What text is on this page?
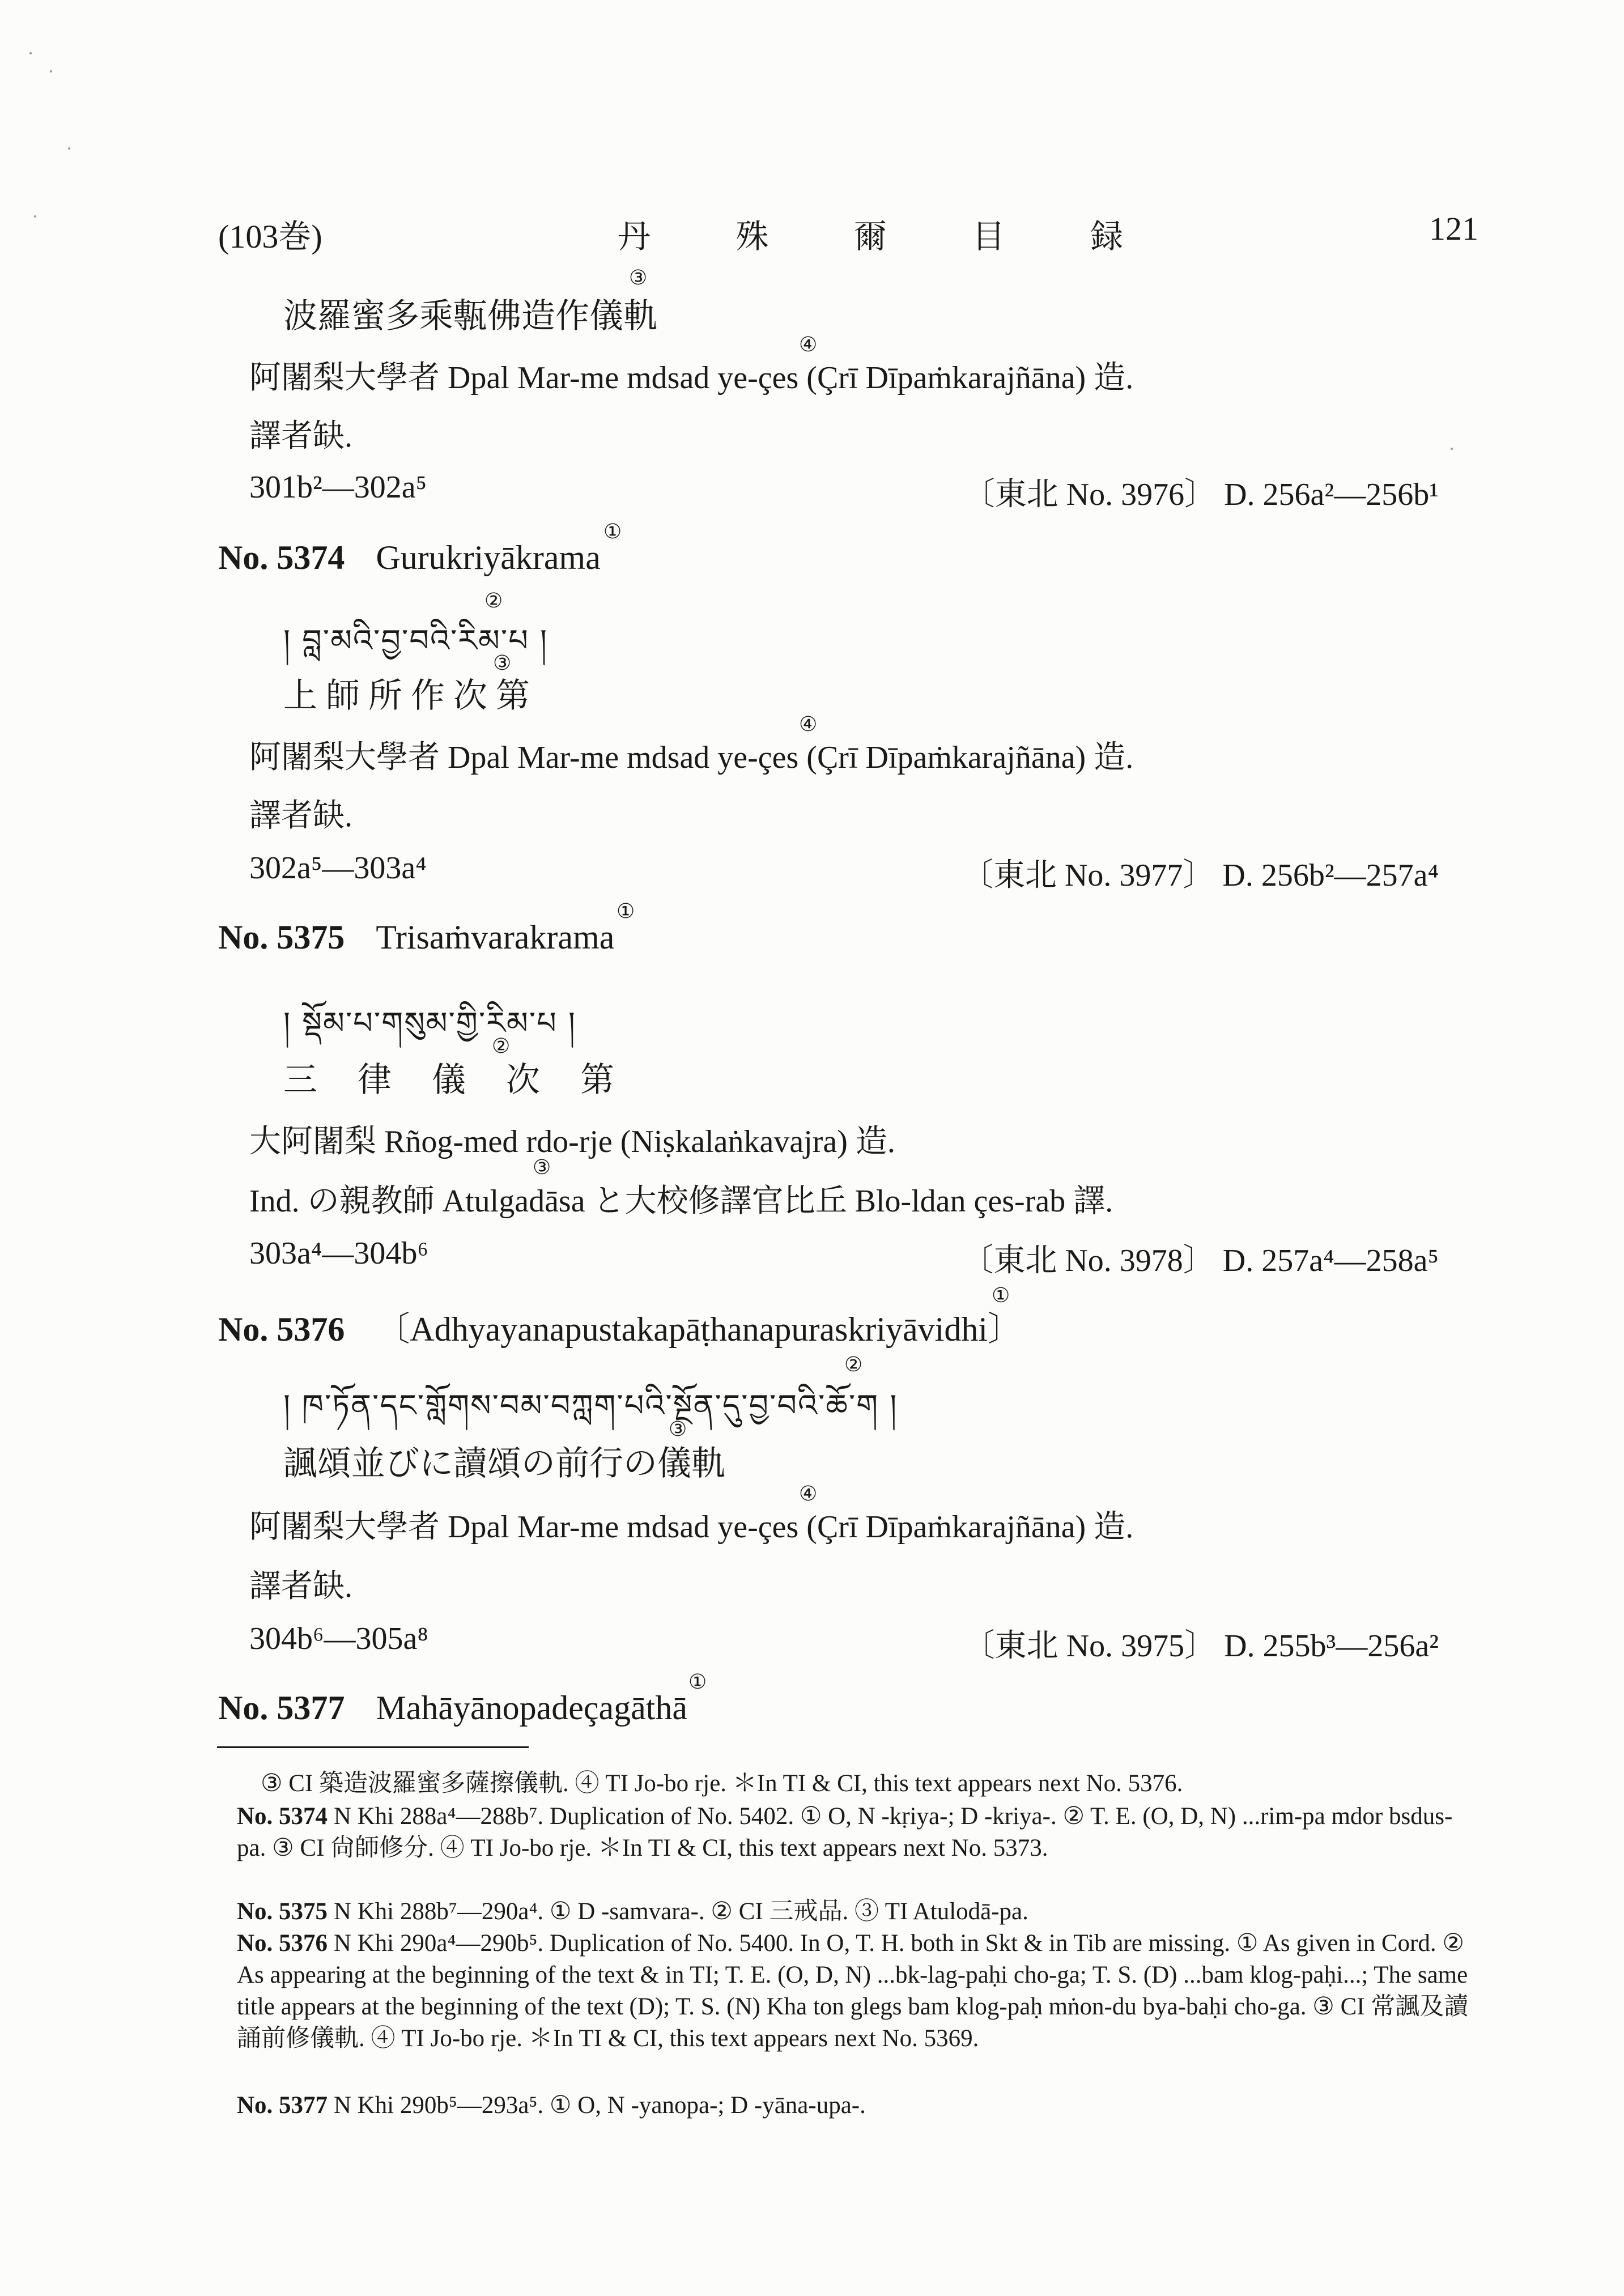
(103巻)	丹 殊 爾 目 録	121
波羅蜜多乘甎佛造作儀軌
③
阿闍梨大學者 Dpal Mar-me mdsad ye-çes (Çrī Dīpaṁkarajñāna) 造.
④
譯者缺.
301b²—302a⁵	〔東北 No. 3976〕 D. 256a²—256b¹
No. 5374 Gurukriyākrama
①
། བླ་མའི་བྱ་བའི་རིམ་པ །
②
上 師 所 作 次 第
③
阿闍梨大學者 Dpal Mar-me mdsad ye-çes (Çrī Dīpaṁkarajñāna) 造.
④
譯者缺.
302a⁵—303a⁴	〔東北 No. 3977〕 D. 256b²—257a⁴
No. 5375 Trisaṁvarakrama
①
། སྡོམ་པ་གསུམ་གྱི་རིམ་པ །
三 律 儀 次 第
②
大阿闍梨 Rñog-med rdo-rje (Niṣkalaṅkavajra) 造.
Ind. の親教師 Atulgadāsa と大校修譯官比丘 Blo-ldan çes-rab 譯.
③
303a⁴—304b⁶	〔東北 No. 3978〕 D. 257a⁴—258a⁵
No. 5376 〔Adhyayanapustakapāṭhanapuraskriyāvidhi〕
①
། ཁ་ཏོན་དང་གློགས་བམ་བཀླག་པའི་སྔོན་དུ་བྱ་བའི་ཆོ་ག །
②
諷頌並びに讀頌の前行の儀軌
③
阿闍梨大學者 Dpal Mar-me mdsad ye-çes (Çrī Dīpaṁkarajñāna) 造.
④
譯者缺.
304b⁶—305a⁸	〔東北 No. 3975〕 D. 255b³—256a²
No. 5377 Mahāyānopadeçagāthā
①
③ CI 築造波羅蜜多薩擦儀軌. ④ TI Jo-bo rje. ＊In TI & CI, this text appears next No. 5376.
No. 5374 N Khi 288a⁴—288b⁷. Duplication of No. 5402. ① O, N -kṛiya-; D -kriya-. ② T. E. (O, D, N) ...rim-pa mdor bsdus-pa. ③ CI 尙師修分. ④ TI Jo-bo rje. ＊In TI & CI, this text appears next No. 5373.
No. 5375 N Khi 288b⁷—290a⁴. ① D -samvara-. ② CI 三戒品. ③ TI Atulodā-pa.
No. 5376 N Khi 290a⁴—290b⁵. Duplication of No. 5400. In O, T. H. both in Skt & in Tib are missing. ① As given in Cord. ② As appearing at the beginning of the text & in TI; T. E. (O, D, N) ...bk-lag-paḥi cho-ga; T. S. (D) ...bam klog-paḥi...; The same title appears at the beginning of the text (D); T. S. (N) Kha ton glegs bam klog-paḥ mṅon-du bya-baḥi cho-ga. ③ CI 常諷及讀誦前修儀軌. ④ TI Jo-bo rje. ＊In TI & CI, this text appears next No. 5369.
No. 5377 N Khi 290b⁵—293a⁵. ① O, N -yanopa-; D -yāna-upa-.
